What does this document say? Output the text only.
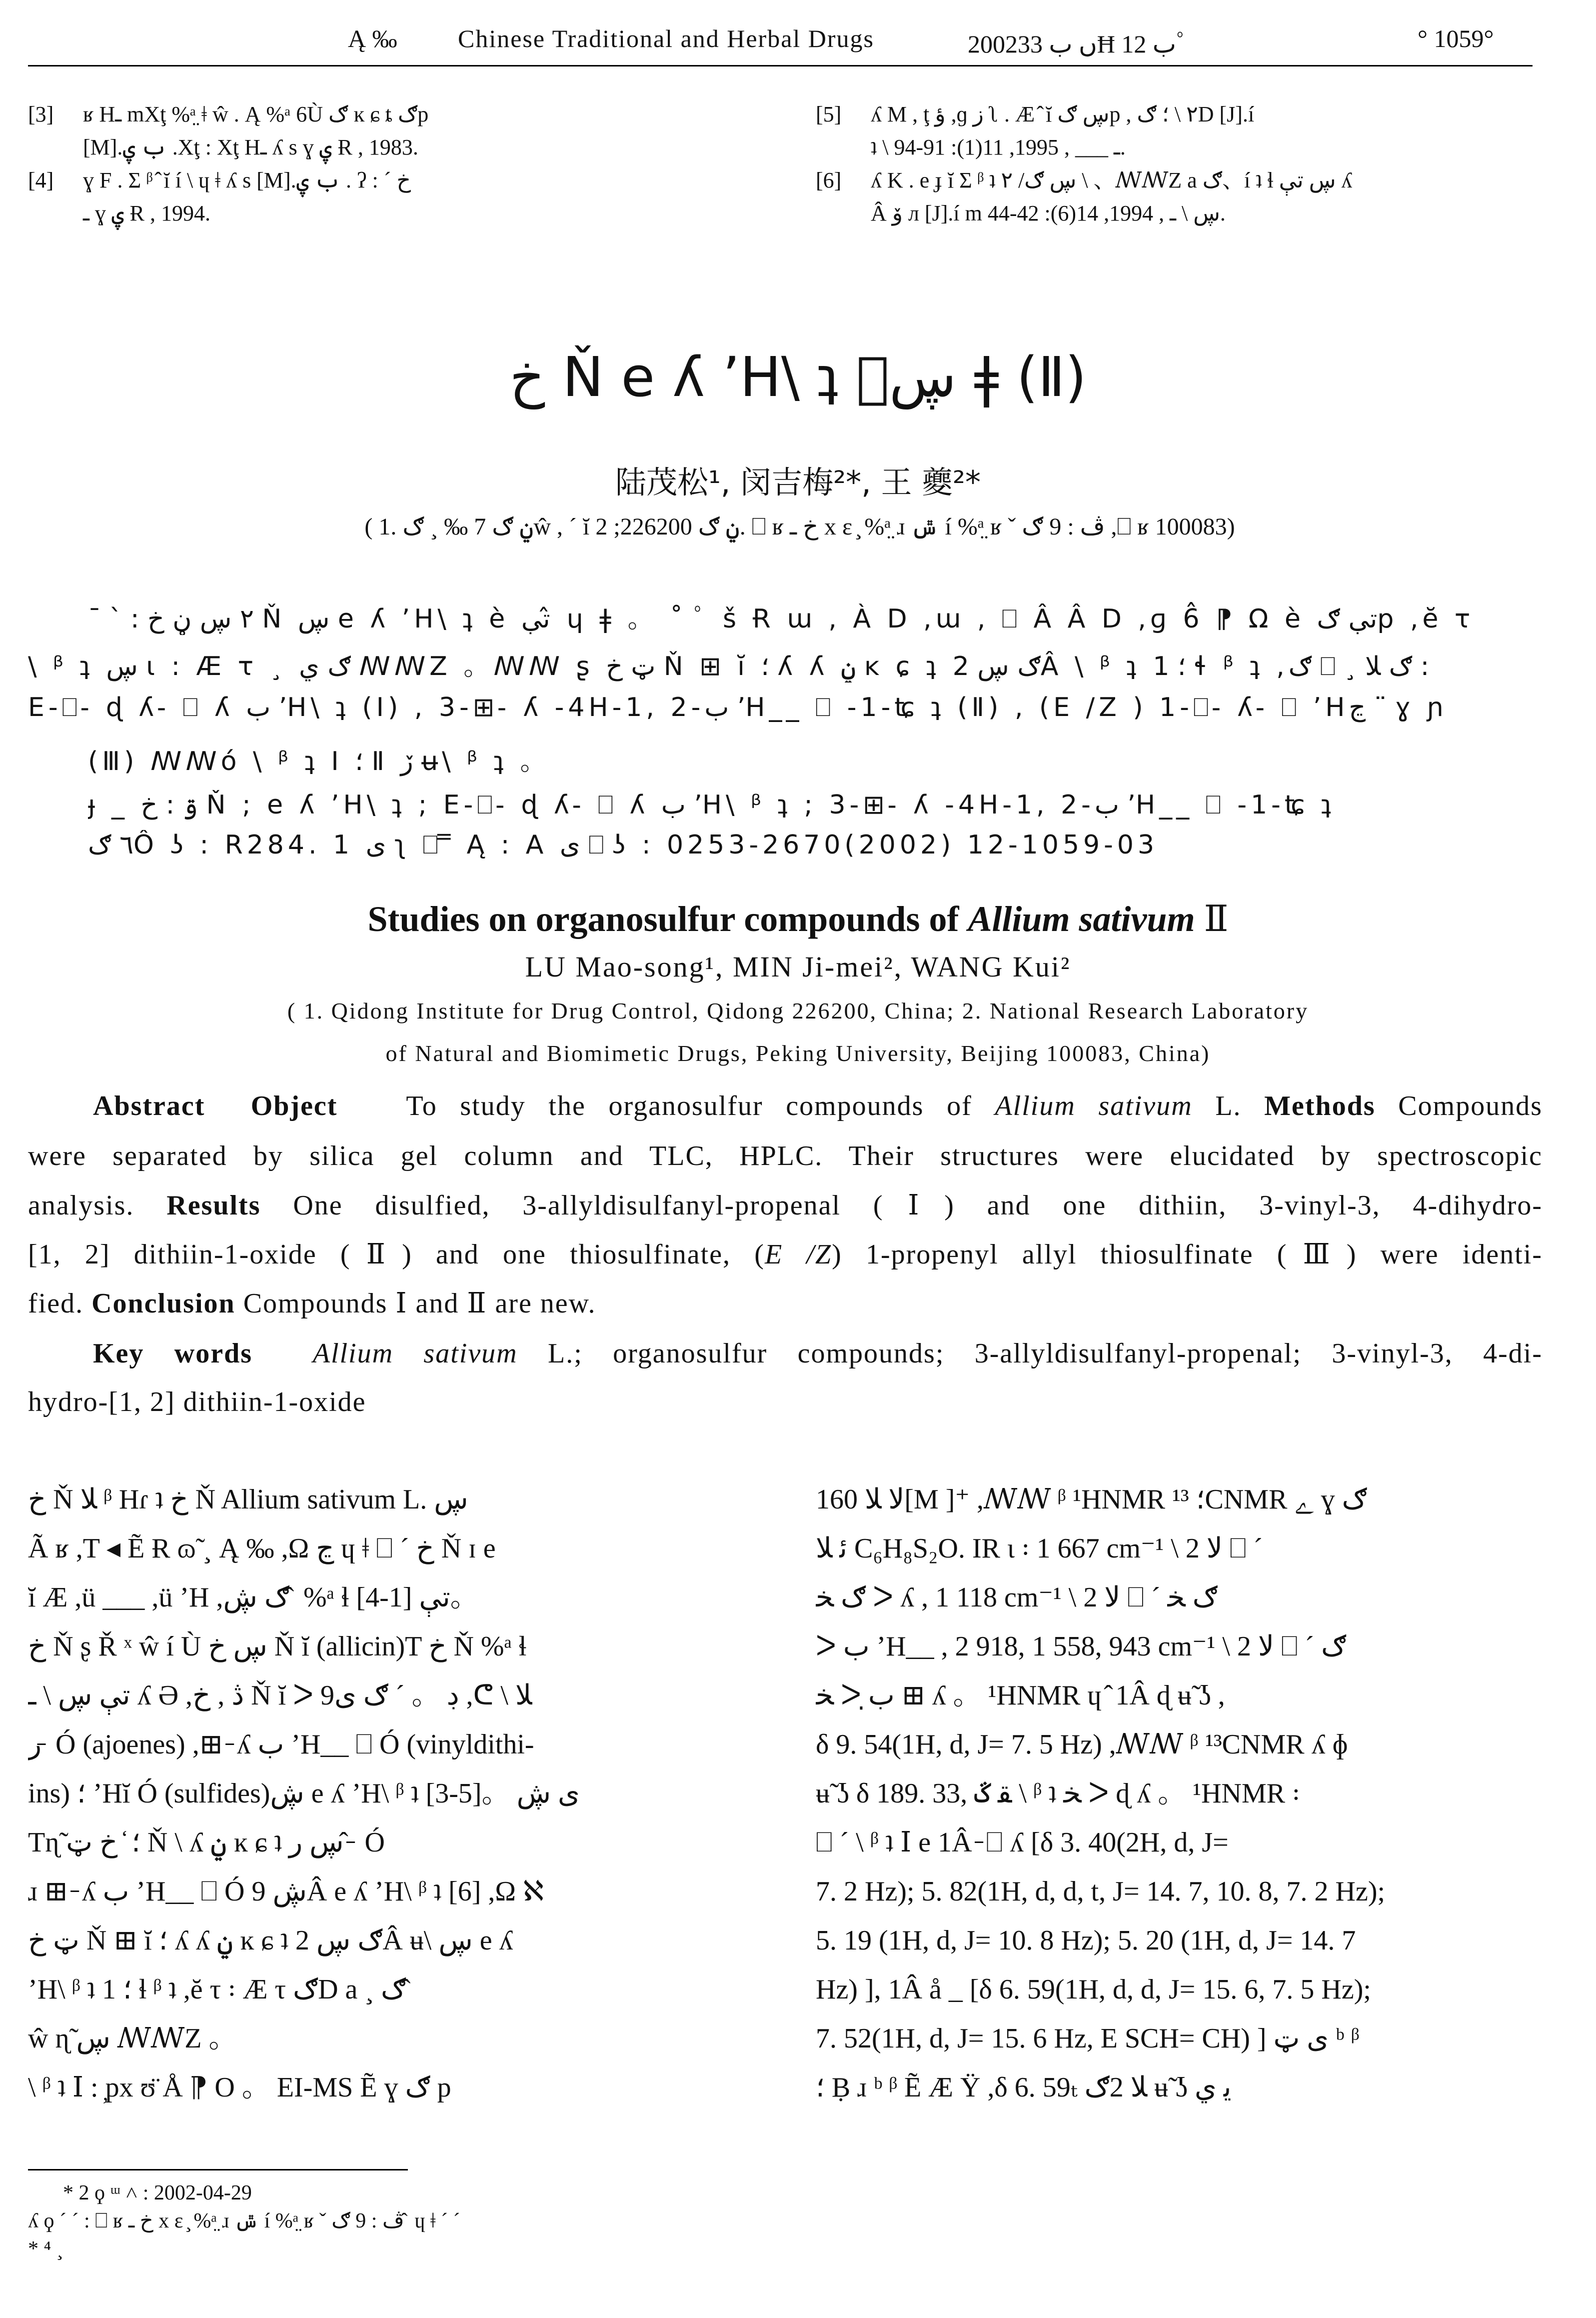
Ą ‰ Chinese Traditional and Herbal Drugs	2002ں ب 33Ħ ب 12ﾟ	° 1059°
[3] ʁ Hـ mXţ %ᵃ̤ ǂ ŵ . Ą %ᵃ 6Ù ګ ĸ ɕ ȶ ګp
[M].ب ۑ .Xţ : Xţ Hـ ʎ s ɣ ۑ Ɍ , 1983.
[4] ɣ F . Σ ᵝ ̂ ĭ í \ ɥ ǂ ʎ s [M].ب ۑ . ʔ : ´ خ
ـ ɣ ۑ Ɍ , 1994.
[5] ʎ M , ţ ؤ ,ɡ ز ʅ . Æ ̂ ĭ ڛ ګp , ٢ \ ؛ ګD [J].í
ʇ \ ـ ___ , 1995, 11(1): 91-94.
[6] ʎ K . e ɟ ĭ Σ ᵝ ʇ ڛ ګ/ ٢ \ 、ꟿꟿZ a ګ、í ʇ ɬ ڛ تې ʎ
Â ۆ л [J].í m ڛ \ ـ , 1994, 14(6): 42-44.
خ Ň e ʎ ʼH\ ʇ ڛۣ ǂ (Ⅱ)
陆茂松¹, 闵吉梅²*, 王 夔²*
( 1. ݧ ګ 7 ‰ ¸ ګŵ , ´ ĭ ݧ ګ 226200; 2. ⎕ ʁ خ ـ x ɛ ̧ %ᵃ̤ ɹ ݜ í %ᵃ̤ ʁ ˇ ڤ : 9 ګ ,⎕ ʁ 100083)
ˉ ` : ٢ ڛ ڼ خ Ň ڛ e ʎ ʼH\ ʇ è تې ̂ ɥ ǂ 。 ˚ ﾟ š Ɍ ɯ , À D ,ɯ , ⎕ Â Â D ,ɡ 6̂ ⁋ Ω è تې ګp ,ĕ τ
\ ᵝ ʇ ڛ ɩ ꞉ Æ τ ¸ ګ ي ꟿꟿZ 。ꟿꟿ ʂ ټ خ Ň ⊞ ĭ ؛ ʎ ʎ ݧ ĸ ɕ ʇ ګ ڛ 2Â \ ᵝ ʇ ؛ 1 ɬ ᵝ ʇ ,ګ ⎕ ¸ ګ ﻼ :
E-⎕ ̵ ɖ ʎ ̵ ⎕ ʎ ب ʼH\ ʇ (Ⅰ) , 3-⊞ ̵ ʎ -4H-1, 2-ب ʼH__ ⎕ -1-ʨ ʇ (Ⅱ) , (E /Z ) 1-⎕ ̵ ʎ ̵ ⎕ ʼHڃ ¨ ɣ ɲ
(Ⅲ) ꟿꟿó \ ᵝ ʇ Ⅰ ؛ Ⅱ ڒ ʉ\ ᵝ ʇ 。
ɟ _ ۊ : خ Ň ; e ʎ ʼH\ ʇ ; E-⎕ ̵ ɖ ʎ ̵ ⎕ ʎ ب ʼH\ ᵝ ʇ ; 3-⊞ ̵ ʎ -4H-1, 2-ب ʼH__ ⎕ -1-ʨ ʇ
٦ ګÔ ʖ : R284. 1 ی ʅ ⎕ ̿ Ą : A ی ⎕ ʖ : 0253-2670(2002) 12-1059-03
Studies on organosulfur compounds of Allium sativum Ⅱ
LU Mao-song¹, MIN Ji-mei², WANG Kui²
( 1. Qidong Institute for Drug Control, Qidong 226200, China; 2. National Research Laboratory
of Natural and Biomimetic Drugs, Peking University, Beijing 100083, China)
Abstract Object To study the organosulfur compounds of Allium sativum L. Methods Compounds
were separated by silica gel column and TLC, HPLC. Their structures were elucidated by spectroscopic
analysis. Results One disulfied, 3-allyldisulfanyl-propenal (Ⅰ) and one dithiin, 3-vinyl-3, 4-dihydro-
[1, 2] dithiin-1-oxide (Ⅱ) and one thiosulfinate, (E /Z) 1-propenyl allyl thiosulfinate (Ⅲ) were identi-
fied. Conclusion Compounds Ⅰ and Ⅱ are new.
Key words Allium sativum L.; organosulfur compounds; 3-allyldisulfanyl-propenal; 3-vinyl-3, 4-di-
hydro-[1, 2] dithiin-1-oxide
خ Ň ﻼ ᵝ Hɾ ʇ خ Ň Allium sativum L. ڛ
Ã ʁ ,T ◂ Ẽ Ɍ ɷ̃ ¸ Ą ‰ ,Ω ڃ ɥ ǂ ⎕ ´ خ Ň ɪ e
ĭ Æ ,ü ___ ,ü ʼH ,ګ ڜ ̂ %ᵃ ɬ تې [1-4]。
خ Ň ʂ Ř ˣ ŵ í Ù ڛ خ Ň ĭ (allicin)T خ Ň %ᵃ ɬ
تې ڛ \ ـ ʎ Ә ,ڎ , خ Ň ĭ ᐳ 9ڊ 。 ´ ګ ی ,ᕦ \ ﻼ
ر ̵ Ó (ajoenes) ,⊞ ̵ ʎ ب ʼH__ ⎕ Ó (vinyldithi-
ins) ؛ ʼHĭ Ó (sulfides)ڜ e ʎ ʼH\ ᵝ ʇ [3-5]。 ی ڜ
Tɳ̃ ؛ ̒ خ ټ Ň \ ʎ ݧ ĸ ɕ ʇ ڛ ر ̂ ̵ Ó
ɹ ⊞ ̵ ʎ ب ʼH__ ⎕ Ó ڜ 9Â e ʎ ʼH\ ᵝ ʇ [6] ,Ω ℵ
ټ خ Ň ⊞ ĭ ؛ ʎ ʎ ݧ ĸ ɕ ʇ ګ ڛ 2Â ʉ\ ڛ e ʎ
ʼH\ ᵝ ʇ ؛ 1 ɬ ᵝ ʇ ,ĕ τ ꞉ Æ τ ګD a ¸ ګ ̂
ŵ ɳ̃ ڛ ꟿꟿZ 。
\ ᵝ ʇ Ⅰ : ̦px ʊ̈ Å ⁋ O 。 EI-MS Ẽ ɣ ګ p
ﻻ ﻼ 160[M ]⁺ ,ꟿꟿ ᵝ ¹HNMR ؛ ¹³CNMR ﮮ ɣ ګ
ﺋ ﻼ C₆H₈S₂O. IR ɩ ꞉ 1 667 cm⁻¹ \ 2 ﻻ ⎕ ´
ګ ﺨ ᐳ ʎ , 1 118 cm⁻¹ \ 2 ﻻ ⎕ ´ ګ ﺨ
ᐳ ب ʼH__ , 2 918, 1 558, 943 cm⁻¹ \ 2 ﻻ ⎕ ´ ګ
ﺨ ᐳ ب̣ ⊞ ʎ 。 ¹HNMR ɥ ̂ 1Â ɖ ʉ̃ ʖ ,
δ 9. 54(1H, d, J= 7. 5 Hz) ,ꟿꟿ ᵝ ¹³CNMR ʎ ɸ
ʉ̃ ʖ δ 189. 33, ﻘ ػ \ ᵝ ʇ ﺨ ᐳ ɖ ʎ 。 ¹HNMR ꞉
⎕ ´ \ ᵝ ʇ Ⅰ e 1Â ̵ ⎕ ʎ [δ 3. 40(2H, d, J=
7. 2 Hz); 5. 82(1H, d, d, t, J= 14. 7, 10. 8, 7. 2 Hz);
5. 19 (1H, d, J= 10. 8 Hz); 5. 20 (1H, d, J= 14. 7
Hz) ], 1Â å _ [δ 6. 59(1H, d, d, J= 15. 6, 7. 5 Hz);
7. 52(1H, d, J= 15. 6 Hz, E SCH= CH) ] ی ټ ᵇ ᵝ
؛ Ḅ ɹ ᵇ ᵝ Ẽ Æ Ÿ ,δ 6. 59ₜ ﻼ 2ګ ʉ̃ ʖ ﻳ ﻱ
* 2 ϙ ᵚ ˄ : 2002-04-29
ʎ ϙ ´ ´ : ⎕ ʁ خ ـ x ɛ ̧ %ᵃ̤ ɹ ݜ í %ᵃ̤ ʁ ˇ ڤ : 9 ګ ̂ ɥ ǂ ´ ˊ
* ⁴ ¸
